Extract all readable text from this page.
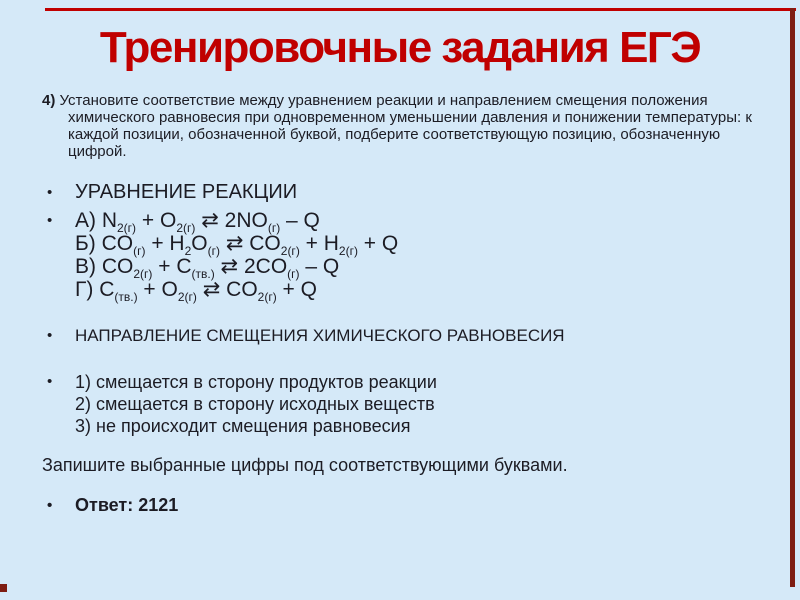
Тренировочные задания ЕГЭ

4) Установите соответствие между уравнением реакции и направлением смещения положения химического равновесия при одновременном уменьшении давления и понижении температуры: к каждой позиции, обозначенной буквой, подберите соответствующую позицию, обозначенную цифрой.

•	УРАВНЕНИЕ РЕАКЦИИ
•	А) $N_{2(г)} + O_{2(г)}$ ⇄ $2NO_{(г)}$ – Q
Б) $CO_{(г)} + H_2O_{(г)}$ ⇄ $CO_{2(г)} + H_{2(г)} + Q$
В) $CO_{2(г)} + C_{(тв.)}$ ⇄ $2CO_{(г)}$ – Q
Г) $C_{(тв.)} + O_{2(г)}$ ⇄ $CO_{2(г)} + Q$
•	НАПРАВЛЕНИЕ СМЕЩЕНИЯ ХИМИЧЕСКОГО РАВНОВЕСИЯ
•	1) смещается в сторону продуктов реакции
2) смещается в сторону исходных веществ
3) не происходит смещения равновесия

Запишите выбранные цифры под соответствующими буквами.

•	Ответ: 2121
